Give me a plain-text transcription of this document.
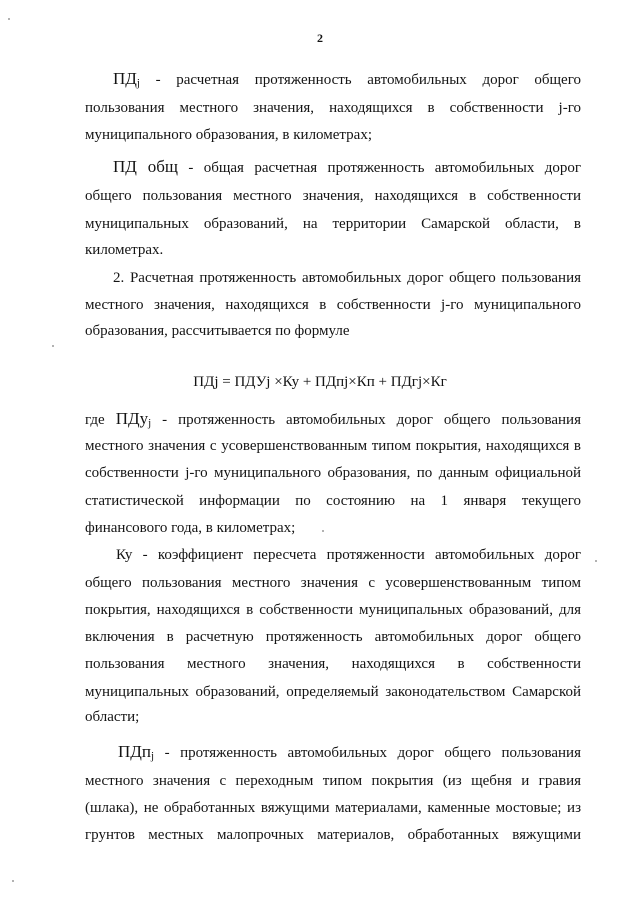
2
ПДj - расчетная протяженность автомобильных дорог общего
пользования местного значения, находящихся в собственности j-го
муниципального образования, в километрах;
ПД общ - общая расчетная протяженность автомобильных дорог
общего пользования местного значения, находящихся в собственности
муниципальных образований, на территории Самарской области, в
километрах.
2. Расчетная протяженность автомобильных дорог общего пользования
местного значения, находящихся в собственности j-го муниципального
образования, рассчитывается по формуле
ПДj = ПДУj ×Ку + ПДпj×Кп + ПДгj×Кг
где ПДуj - протяженность автомобильных дорог общего пользования
местного значения с усовершенствованным типом покрытия, находящихся в
собственности j-го муниципального образования, по данным официальной
статистической информации по состоянию на 1 января текущего
финансового года, в километрах;
Ку - коэффициент пересчета протяженности автомобильных дорог
общего пользования местного значения с усовершенствованным типом
покрытия, находящихся в собственности муниципальных образований, для
включения в расчетную протяженность автомобильных дорог общего
пользования местного значения, находящихся в собственности
муниципальных образований, определяемый законодательством Самарской
области;
ПДпj - протяженность автомобильных дорог общего пользования
местного значения с переходным типом покрытия (из щебня и гравия
(шлака), не обработанных вяжущими материалами, каменные мостовые; из
грунтов местных малопрочных материалов, обработанных вяжущими
